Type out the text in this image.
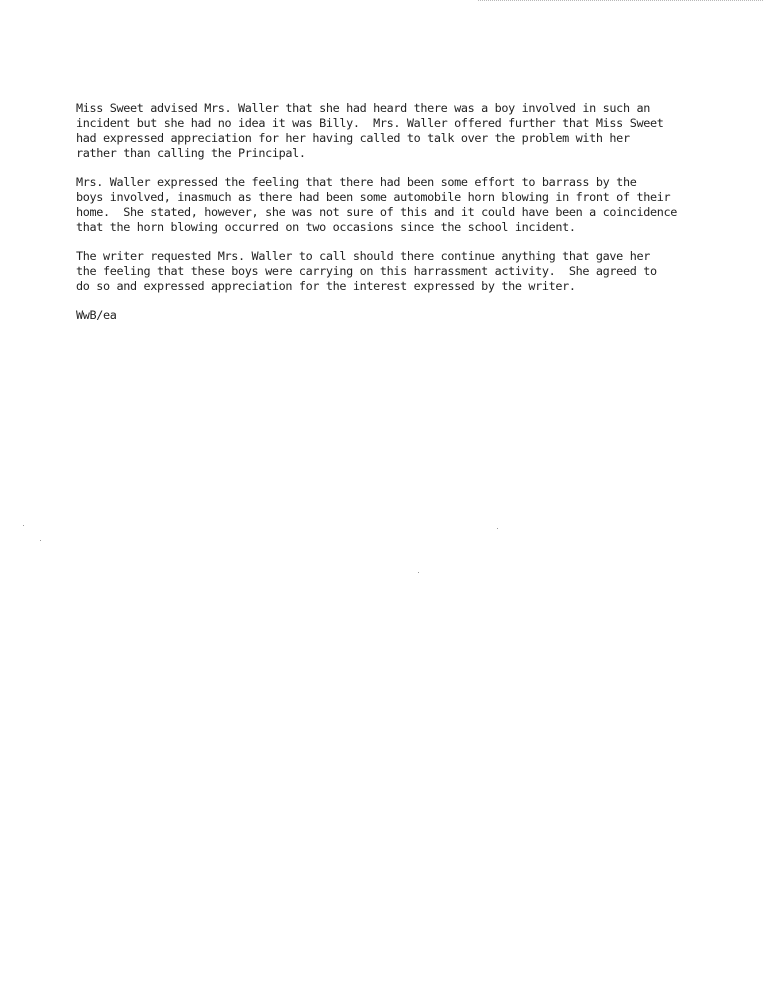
Miss Sweet advised Mrs. Waller that she had heard there was a boy involved in such an
incident but she had no idea it was Billy.  Mrs. Waller offered further that Miss Sweet
had expressed appreciation for her having called to talk over the problem with her
rather than calling the Principal.
Mrs. Waller expressed the feeling that there had been some effort to barrass by the
boys involved, inasmuch as there had been some automobile horn blowing in front of their
home.  She stated, however, she was not sure of this and it could have been a coincidence
that the horn blowing occurred on two occasions since the school incident.
The writer requested Mrs. Waller to call should there continue anything that gave her
the feeling that these boys were carrying on this harrassment activity.  She agreed to
do so and expressed appreciation for the interest expressed by the writer.
WwB/ea
